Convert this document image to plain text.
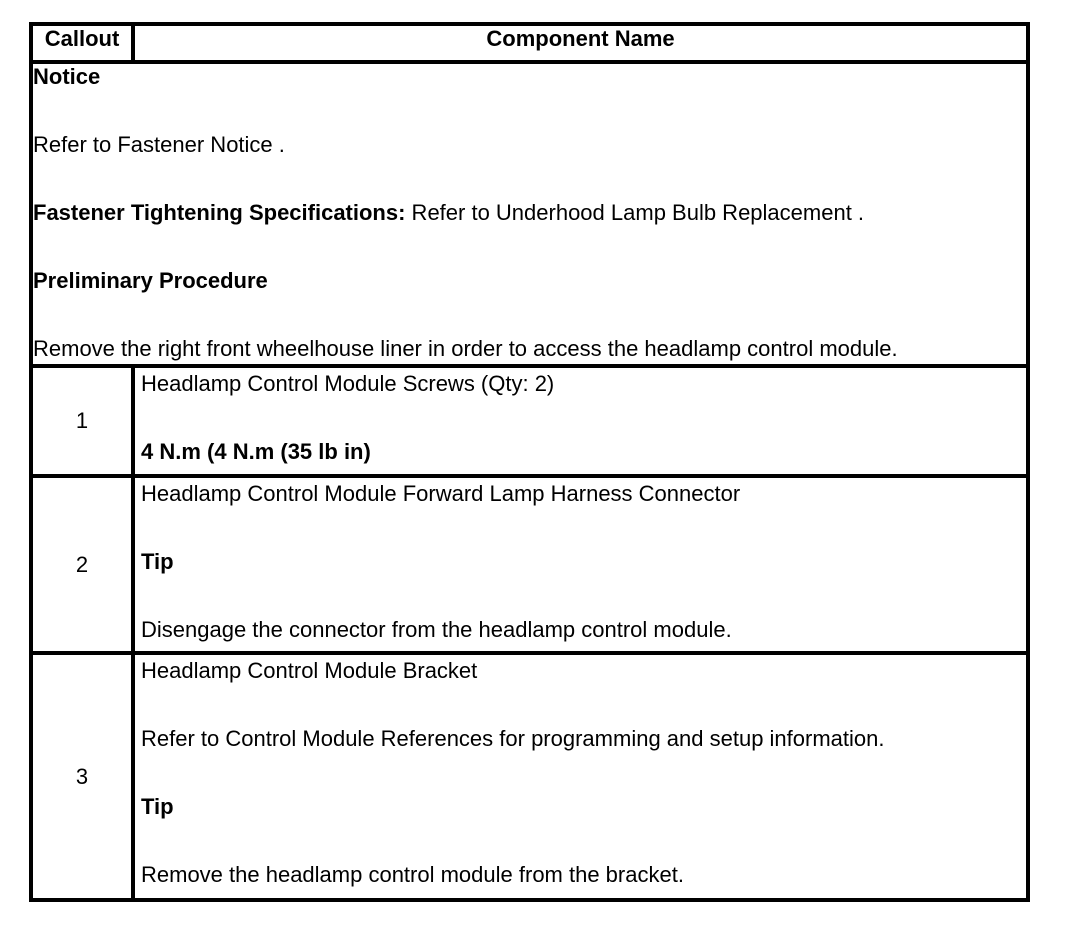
Callout	Component Name

Notice

Refer to Fastener Notice .

Fastener Tightening Specifications: Refer to Underhood Lamp Bulb Replacement .

Preliminary Procedure

Remove the right front wheelhouse liner in order to access the headlamp control module.	

1	Headlamp Control Module Screws (Qty: 2)

4 N.m (4 N.m (35 lb in)

2	Headlamp Control Module Forward Lamp Harness Connector

Tip

Disengage the connector from the headlamp control module.

3	Headlamp Control Module Bracket

Refer to Control Module References for programming and setup information.

Tip

Remove the headlamp control module from the bracket.
